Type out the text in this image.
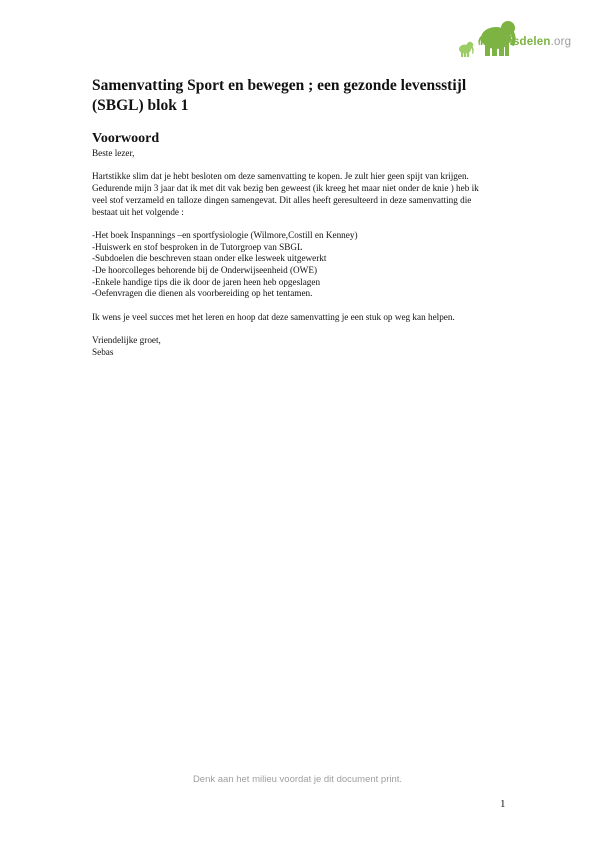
Kennisdelen.org
Samenvatting Sport en bewegen ; een gezonde levensstijl (SBGL) blok 1
Voorwoord

Beste lezer,

Hartstikke slim dat je hebt besloten om deze samenvatting te kopen. Je zult hier geen spijt van krijgen. Gedurende mijn 3 jaar dat ik met dit vak bezig ben geweest (ik kreeg het maar niet onder de knie ) heb ik veel stof verzameld en talloze dingen samengevat. Dit alles heeft geresulteerd in deze samenvatting die bestaat uit het volgende :

-Het boek Inspannings –en sportfysiologie (Wilmore,Costill en Kenney)

-Huiswerk en stof besproken in de Tutorgroep van SBGL

-Subdoelen die beschreven staan onder elke lesweek uitgewerkt

-De hoorcolleges behorende bij de Onderwijseenheid (OWE)

-Enkele handige tips die ik door de jaren heen heb opgeslagen

-Oefenvragen die dienen als voorbereiding op het tentamen.

Ik wens je veel succes met het leren en hoop dat deze samenvatting je een stuk op weg kan helpen.

Vriendelijke groet,

Sebas

Denk aan het milieu voordat je dit document print.
1
